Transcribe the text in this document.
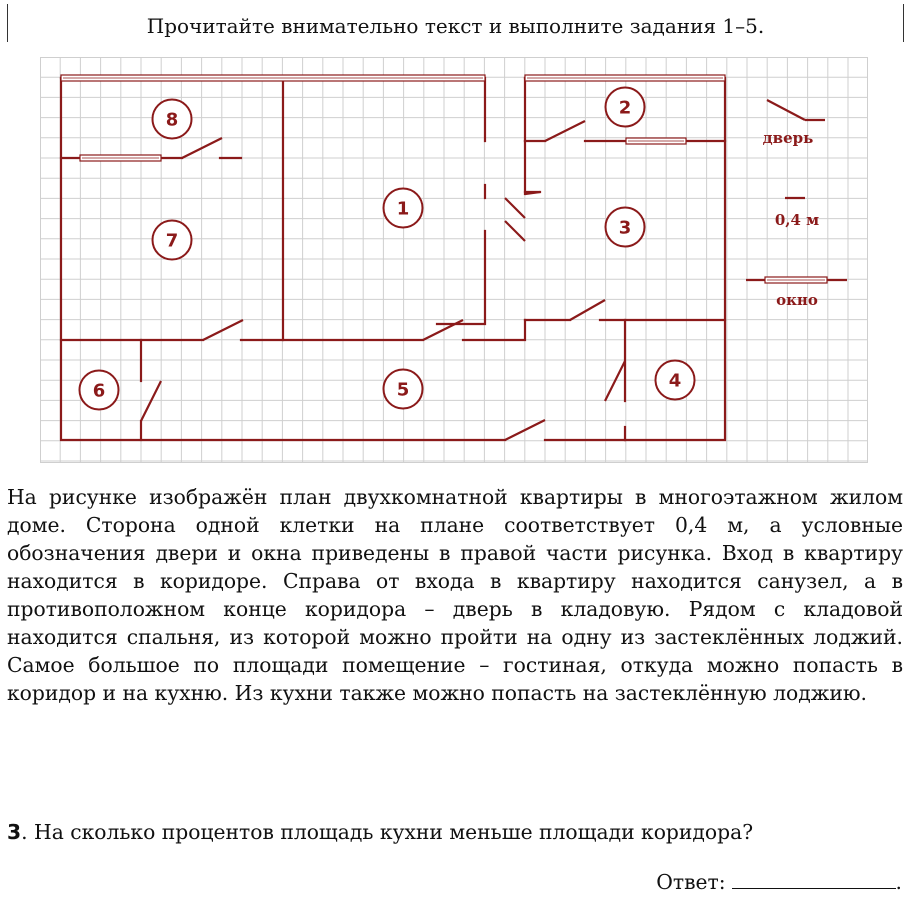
Прочитайте внимательно текст и выполните задания 1–5.
1
2
3
4
5
6
7
8
дверь
0,4 м
окно
На рисунке изображён план двухкомнатной квартиры в многоэтажном жилом доме. Сторона одной клетки на плане соответствует 0,4 м, а условные обозначения двери и окна приведены в правой части рисунка. Вход в квартиру находится в коридоре. Справа от входа в квартиру находится санузел, а в противоположном конце коридора – дверь в кладовую. Рядом с кладовой находится спальня, из которой можно пройти на одну из застеклённых лоджий. Самое большое по площади помещение – гостиная, откуда можно попасть в коридор и на кухню. Из кухни также можно попасть на застеклённую лоджию.
3. На сколько процентов площадь кухни меньше площади коридора?
Ответ:	.
